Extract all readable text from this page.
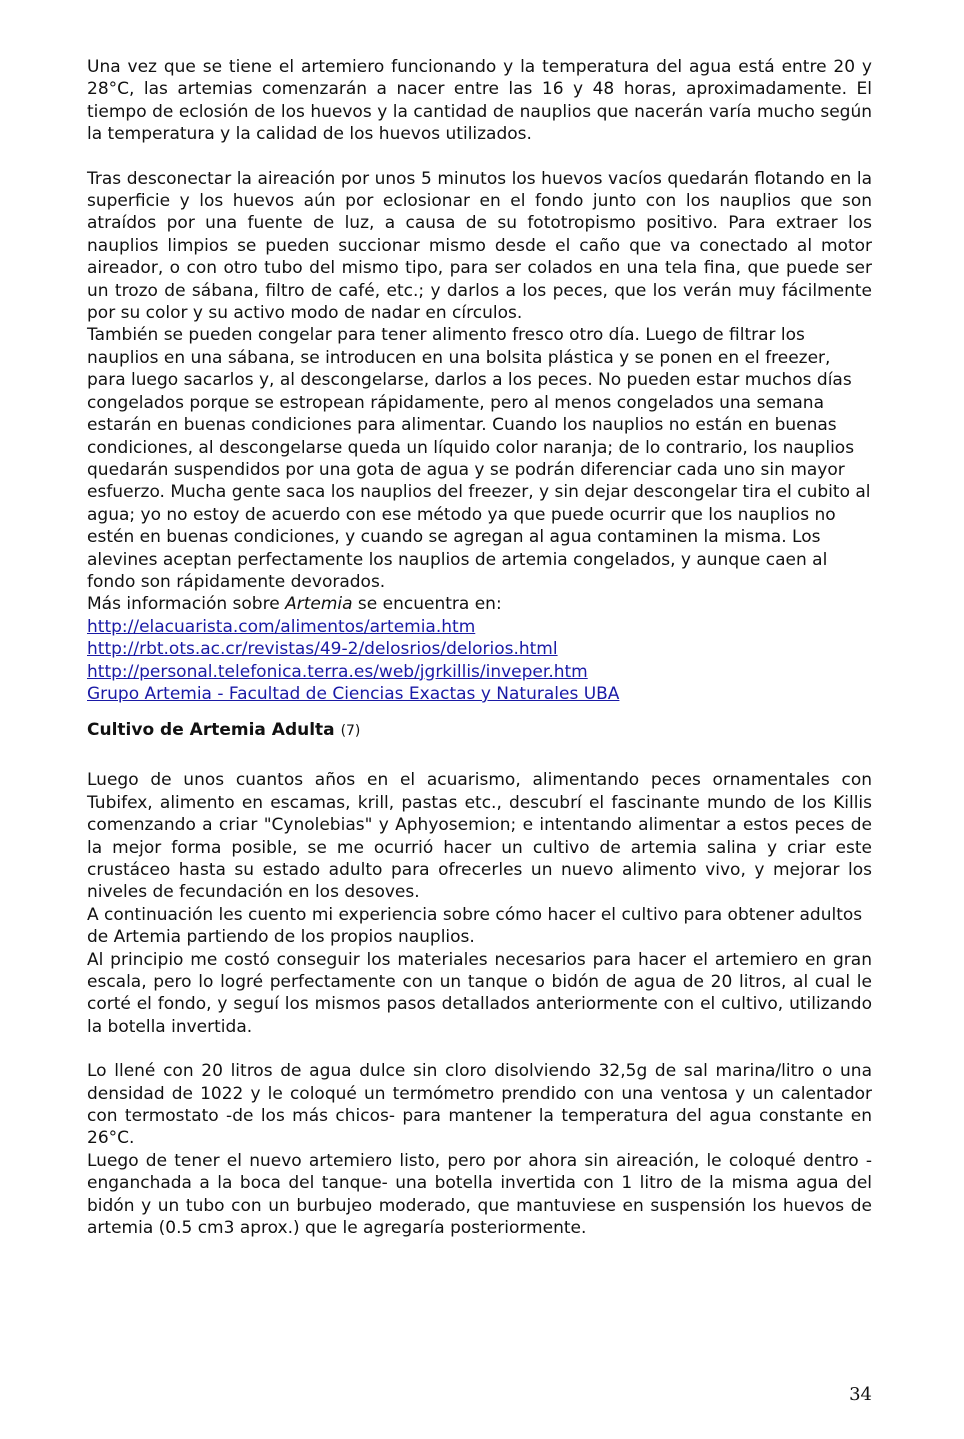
Una vez que se tiene el artemiero funcionando y la temperatura del agua está entre 20 y 28°C, las artemias comenzarán a nacer entre las 16 y 48 horas, aproximadamente. El tiempo de eclosión de los huevos y la cantidad de nauplios que nacerán varía mucho según la temperatura y la calidad de los huevos utilizados.

Tras desconectar la aireación por unos 5 minutos los huevos vacíos quedarán flotando en la superficie y los huevos aún por eclosionar en el fondo junto con los nauplios que son atraídos por una fuente de luz, a causa de su fototropismo positivo. Para extraer los nauplios limpios se pueden succionar mismo desde el caño que va conectado al motor aireador, o con otro tubo del mismo tipo, para ser colados en una tela fina, que puede ser un trozo de sábana, filtro de café, etc.; y darlos a los peces, que los verán muy fácilmente por su color y su activo modo de nadar en círculos.

También se pueden congelar para tener alimento fresco otro día. Luego de filtrar los nauplios en una sábana, se introducen en una bolsita plástica y se ponen en el freezer, para luego sacarlos y, al descongelarse, darlos a los peces. No pueden estar muchos días congelados porque se estropean rápidamente, pero al menos congelados una semana estarán en buenas condiciones para alimentar. Cuando los nauplios no están en buenas condiciones, al descongelarse queda un líquido color naranja; de lo contrario, los nauplios quedarán suspendidos por una gota de agua y se podrán diferenciar cada uno sin mayor esfuerzo. Mucha gente saca los nauplios del freezer, y sin dejar descongelar tira el cubito al agua; yo no estoy de acuerdo con ese método ya que puede ocurrir que los nauplios no estén en buenas condiciones, y cuando se agregan al agua contaminen la misma. Los alevines aceptan perfectamente los nauplios de artemia congelados, y aunque caen al fondo son rápidamente devorados.

Más información sobre Artemia se encuentra en:

http://elacuarista.com/alimentos/artemia.htm
http://rbt.ots.ac.cr/revistas/49-2/delosrios/delorios.html
http://personal.telefonica.terra.es/web/jgrkillis/inveper.htm
Grupo Artemia - Facultad de Ciencias Exactas y Naturales UBA
Cultivo de Artemia Adulta (7)

Luego de unos cuantos años en el acuarismo, alimentando peces ornamentales con Tubifex, alimento en escamas, krill, pastas etc., descubrí el fascinante mundo de los Killis comenzando a criar "Cynolebias" y Aphyosemion; e intentando alimentar a estos peces de la mejor forma posible, se me ocurrió hacer un cultivo de artemia salina y criar este crustáceo hasta su estado adulto para ofrecerles un nuevo alimento vivo, y mejorar los niveles de fecundación en los desoves.

A continuación les cuento mi experiencia sobre cómo hacer el cultivo para obtener adultos de Artemia partiendo de los propios nauplios.

Al principio me costó conseguir los materiales necesarios para hacer el artemiero en gran escala, pero lo logré perfectamente con un tanque o bidón de agua de 20 litros, al cual le corté el fondo, y seguí los mismos pasos detallados anteriormente con el cultivo, utilizando la botella invertida.

Lo llené con 20 litros de agua dulce sin cloro disolviendo 32,5g de sal marina/litro o una densidad de 1022 y le coloqué un termómetro prendido con una ventosa y un calentador con termostato -de los más chicos- para mantener la temperatura del agua constante en 26°C.

Luego de tener el nuevo artemiero listo, pero por ahora sin aireación, le coloqué dentro -enganchada a la boca del tanque- una botella invertida con 1 litro de la misma agua del bidón y un tubo con un burbujeo moderado, que mantuviese en suspensión los huevos de artemia (0.5 cm3 aprox.) que le agregaría posteriormente.

34
